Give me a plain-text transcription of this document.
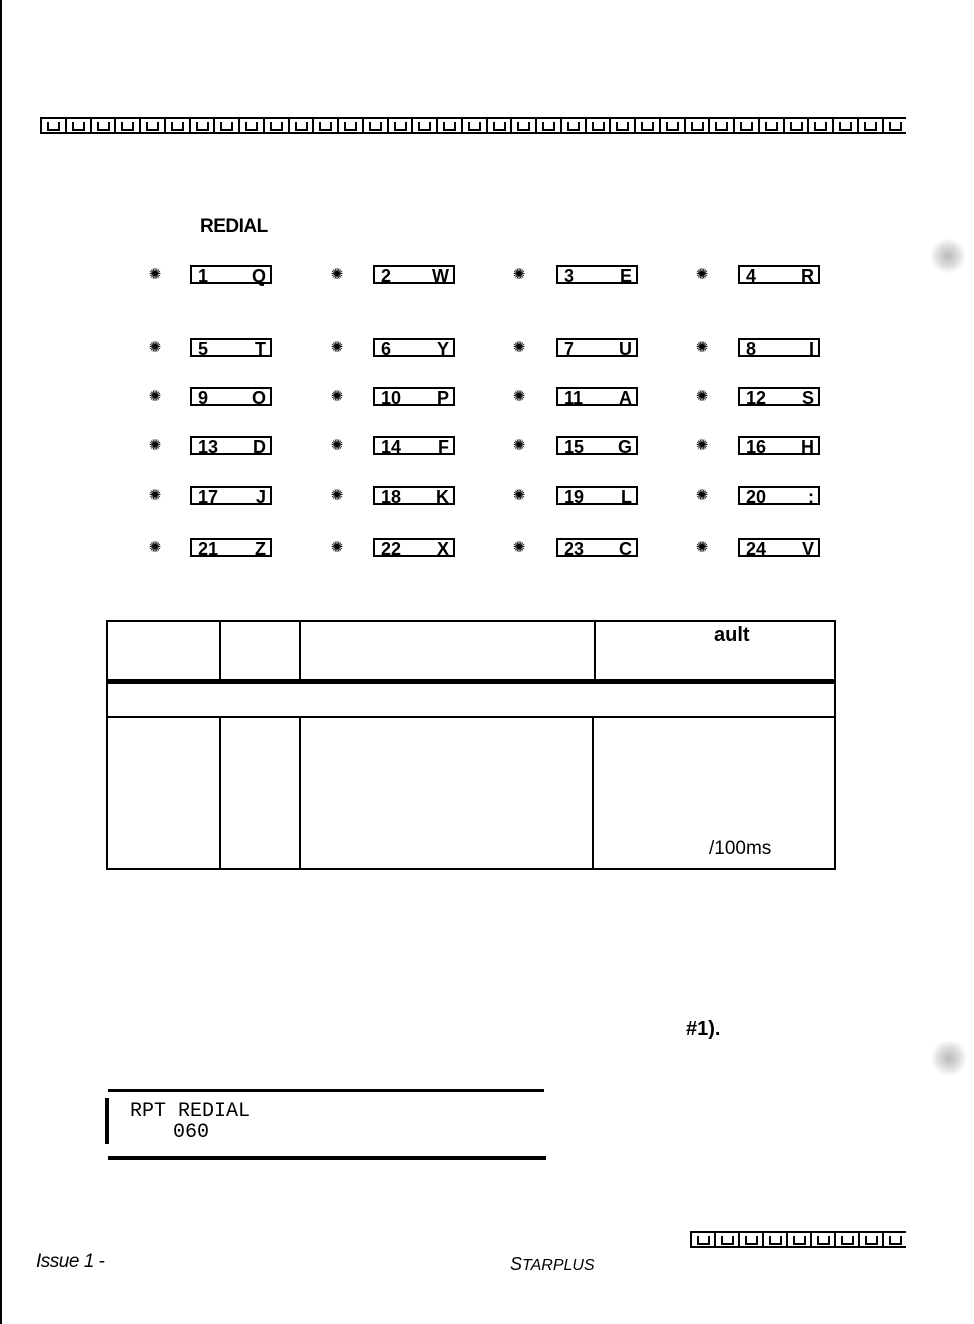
REDIAL
✺ 1 Q	✺ 2 W	✺ 3	E	✺ 4 R
✺ 5	T	✺ 6	Y	✺ 7 U	✺ 8	I
✺ 9 O	✺ 10 P	✺ 11 A	✺ 12 S
✺ 13 D	✺ 14 F	✺ 15 G	✺ 16 H
✺ 17 J	✺ 18 K	✺ 19 L	✺ 20 :
✺ 21 Z	✺ 22 X	✺ 23 C	✺ 24 V
ault
/100ms
#1).
RPT REDIAL
060
Issue 1 -	STARPLUS
